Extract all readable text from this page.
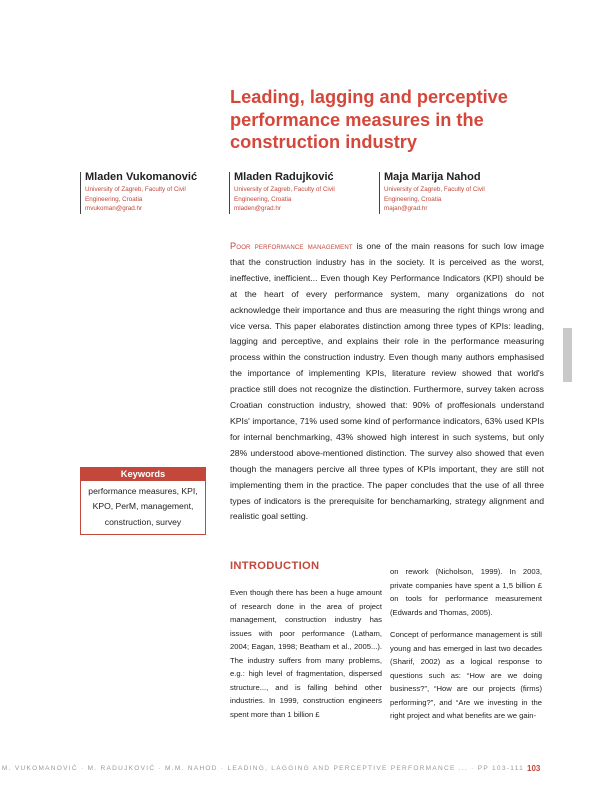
Leading, lagging and perceptive performance measures in the construction industry
Mladen Vukomanović
University of Zagreb, Faculty of Civil Engineering, Croatia
mvukoman@grad.hr
Mladen Radujković
University of Zagreb, Faculty of Civil Engineering, Croatia
mladen@grad.hr
Maja Marija Nahod
University of Zagreb, Faculty of Civil Engineering, Croatia
majan@grad.hr
Poor performance management is one of the main reasons for such low image that the construction industry has in the society. It is perceived as the worst, ineffective, inefficient... Even though Key Performance Indicators (KPI) should be at the heart of every performance system, many organizations do not acknowledge their importance and thus are measuring the right things wrong and vice versa. This paper elaborates distinction among three types of KPIs: leading, lagging and perceptive, and explains their role in the performance measuring process within the construction industry. Even though many authors emphasised the importance of implementing KPIs, literature review showed that world's practice still does not recognize the distinction. Furthermore, survey taken across Croatian construction industry, showed that: 90% of proffesionals understand KPIs' importance, 71% used some kind of performance indicators, 63% used KPIs for internal benchmarking, 43% showed high interest in such systems, but only 28% understood above-mentioned distinction. The survey also showed that even though the managers percive all three types of KPIs important, they are still not implementing them in the practice. The paper concludes that the use of all three types of indicators is the prerequisite for benchamarking, strategy alignment and realistic goal setting.
Keywords
performance measures, KPI, KPO, PerM, management, construction, survey
INTRODUCTION

Even though there has been a huge amount of research done in the area of project management, construction industry has issues with poor performance (Latham, 2004; Eagan, 1998; Beatham et al., 2005...). The industry suffers from many problems, e.g.: high level of fragmentation, dispersed structure..., and is falling behind other industries. In 1999, construction engineers spent more than 1 billion £

on rework (Nicholson, 1999). In 2003, private companies have spent a 1,5 billion £ on tools for performance measurement (Edwards and Thomas, 2005).

Concept of performance management is still young and has emerged in last two decades (Sharif, 2002) as a logical response to questions such as: “How are we doing business?”, “How are our projects (firms) performing?”, and “Are we investing in the right project and what benefits are we gain-

M. VUKOMANOVIĆ · M. RADUJKOVIĆ · M.M. NAHOD · LEADING, LAGGING AND PERCEPTIVE PERFORMANCE ... · PP 103-111 103
